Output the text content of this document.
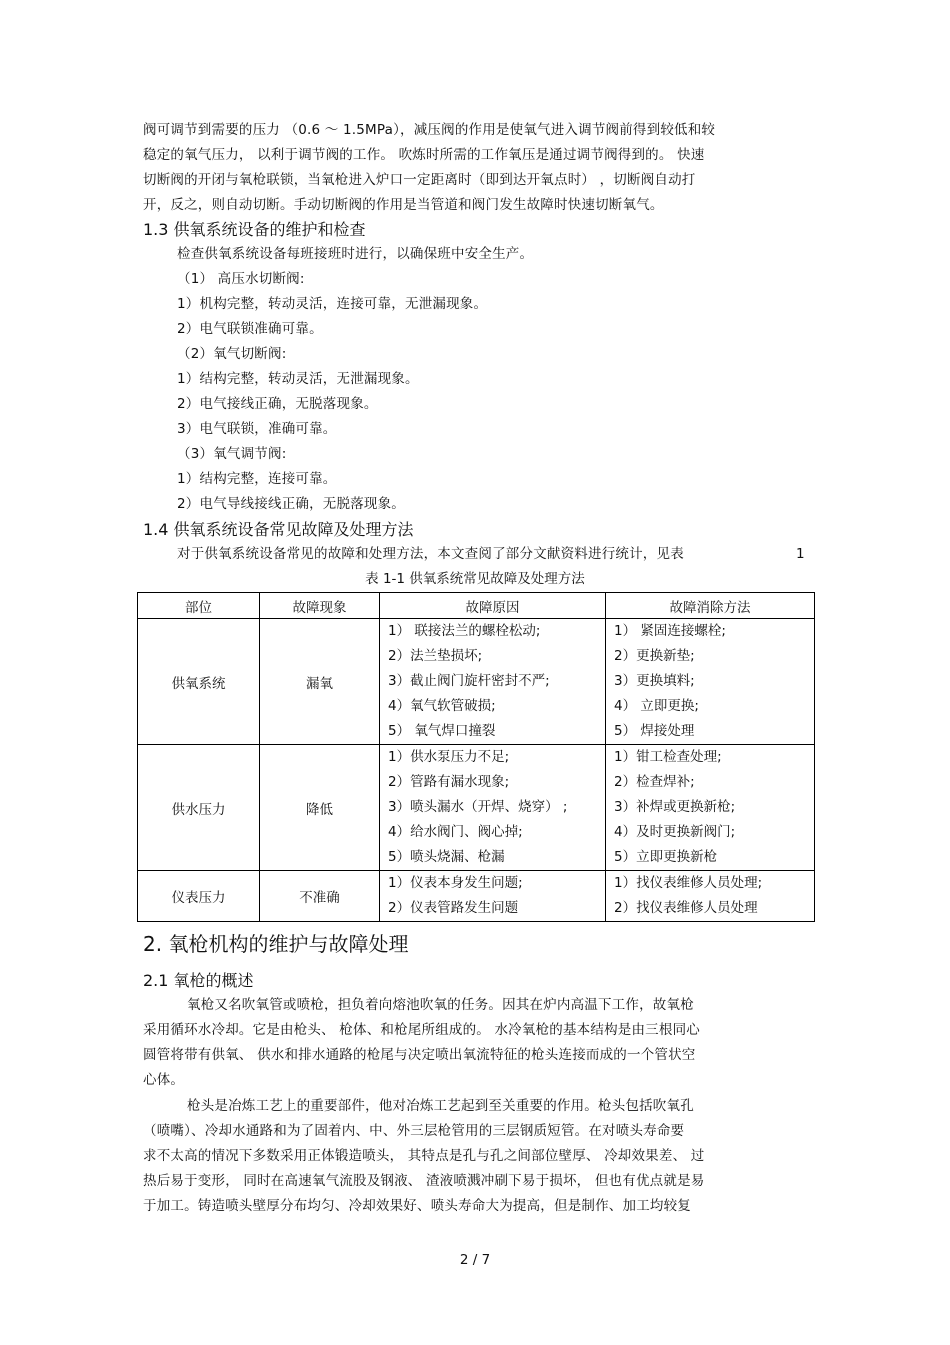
阀可调节到需要的压力 （0.6 ～ 1.5MPa），减压阀的作用是使氧气进入调节阀前得到较低和较
稳定的氧气压力， 以利于调节阀的工作。 吹炼时所需的工作氧压是通过调节阀得到的。 快速
切断阀的开闭与氧枪联锁，当氧枪进入炉口一定距离时（即到达开氧点时） ，切断阀自动打
开，反之，则自动切断。手动切断阀的作用是当管道和阀门发生故障时快速切断氧气。
1.3 供氧系统设备的维护和检查
检查供氧系统设备每班接班时进行，以确保班中安全生产。
（1） 高压水切断阀:
1）机构完整，转动灵活，连接可靠，无泄漏现象。
2）电气联锁准确可靠。
（2）氧气切断阀:
1）结构完整，转动灵活，无泄漏现象。
2）电气接线正确，无脱落现象。
3）电气联锁，准确可靠。
（3）氧气调节阀:
1）结构完整，连接可靠。
2）电气导线接线正确，无脱落现象。
1.4 供氧系统设备常见故障及处理方法
对于供氧系统设备常见的故障和处理方法，本文查阅了部分文献资料进行统计，见表	1
表 1-1 供氧系统常见故障及处理方法
部位	故障现象	故障原因	故障消除方法
供氧系统	漏氧	1） 联接法兰的螺栓松动;
2）法兰垫损坏;
3）截止阀门旋杆密封不严;
4）氧气软管破损;
5） 氧气焊口撞裂	1） 紧固连接螺栓;
2）更换新垫;
3）更换填料;
4） 立即更换;
5） 焊接处理

供水压力	降低	1）供水泵压力不足;
2）管路有漏水现象;
3）喷头漏水（开焊、烧穿） ;
4）给水阀门、阀心掉;
5）喷头烧漏、枪漏	1）钳工检查处理;
2）检查焊补;
3）补焊或更换新枪;
4）及时更换新阀门;
5）立即更换新枪

仪表压力	不准确	1）仪表本身发生问题;
2）仪表管路发生问题	1）找仪表维修人员处理;
2）找仪表维修人员处理
2. 氧枪机构的维护与故障处理
2.1 氧枪的概述
氧枪又名吹氧管或喷枪，担负着向熔池吹氧的任务。因其在炉内高温下工作，故氧枪
采用循环水冷却。它是由枪头、 枪体、和枪尾所组成的。 水冷氧枪的基本结构是由三根同心
圆管将带有供氧、 供水和排水通路的枪尾与决定喷出氧流特征的枪头连接而成的一个管状空
心体。
枪头是冶炼工艺上的重要部件，他对冶炼工艺起到至关重要的作用。枪头包括吹氧孔
（喷嘴）、冷却水通路和为了固着内、中、外三层枪管用的三层钢质短管。在对喷头寿命要
求不太高的情况下多数采用正体锻造喷头， 其特点是孔与孔之间部位壁厚、 冷却效果差、 过
热后易于变形， 同时在高速氧气流股及钢液、 渣液喷溅冲刷下易于损坏， 但也有优点就是易
于加工。铸造喷头壁厚分布均匀、冷却效果好、喷头寿命大为提高，但是制作、加工均较复
2 / 7
